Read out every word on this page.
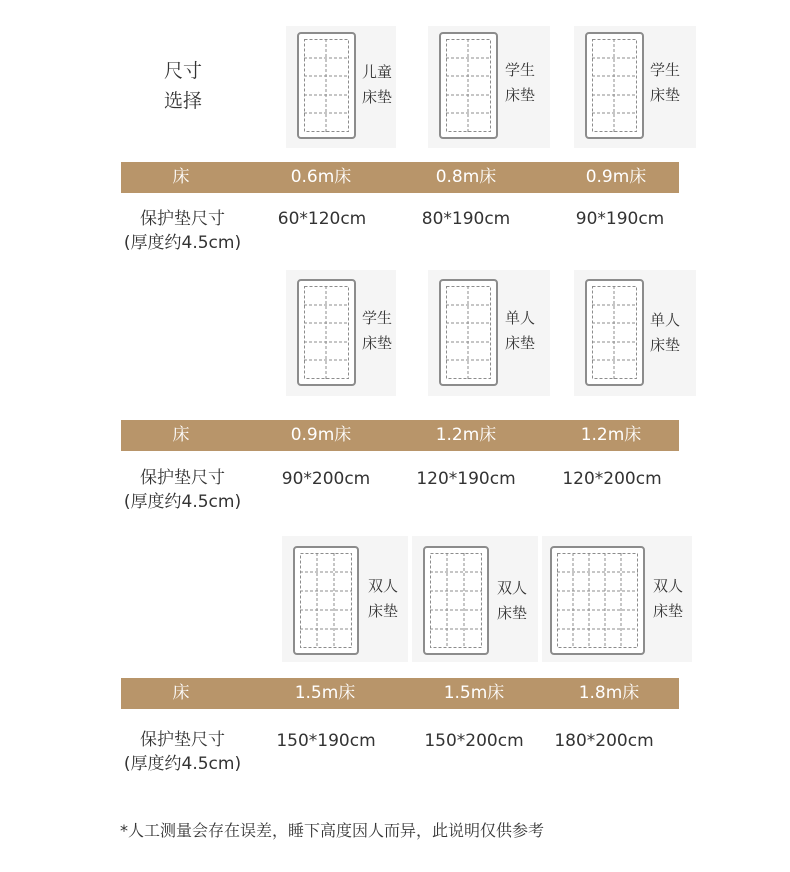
尺寸
选择
儿童
床垫
学生
床垫
学生
床垫
床	0.6m床	0.8m床	0.9m床
保护垫尺寸
(厚度约4.5cm)
60*120cm	80*190cm	90*190cm
学生
床垫
单人
床垫
单人
床垫
床	0.9m床	1.2m床	1.2m床
保护垫尺寸
(厚度约4.5cm)
90*200cm	120*190cm	120*200cm
双人
床垫
双人
床垫
双人
床垫
床	1.5m床	1.5m床	1.8m床
保护垫尺寸
(厚度约4.5cm)
150*190cm	150*200cm	180*200cm
*人工测量会存在误差，睡下高度因人而异，此说明仅供参考
